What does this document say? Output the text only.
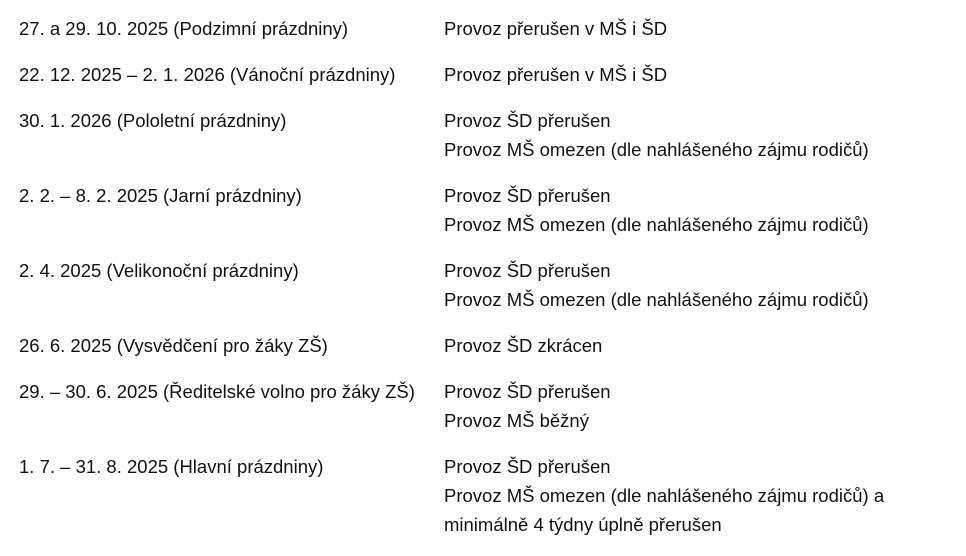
27. a 29. 10. 2025 (Podzimní prázdniny)	Provoz přerušen v MŠ i ŠD
22. 12. 2025 – 2. 1. 2026 (Vánoční prázdniny)	Provoz přerušen v MŠ i ŠD
30. 1. 2026 (Pololetní prázdniny)	Provoz ŠD přerušen
Provoz MŠ omezen (dle nahlášeného zájmu rodičů)
2. 2. – 8. 2. 2025 (Jarní prázdniny)	Provoz ŠD přerušen
Provoz MŠ omezen (dle nahlášeného zájmu rodičů)
2. 4. 2025 (Velikonoční prázdniny)	Provoz ŠD přerušen
Provoz MŠ omezen (dle nahlášeného zájmu rodičů)
26. 6. 2025 (Vysvědčení pro žáky ZŠ)	Provoz ŠD zkrácen
29. – 30. 6. 2025 (Ředitelské volno pro žáky ZŠ)	Provoz ŠD přerušen
Provoz MŠ běžný
1. 7. – 31. 8. 2025 (Hlavní prázdniny)	Provoz ŠD přerušen
Provoz MŠ omezen (dle nahlášeného zájmu rodičů) a
minimálně 4 týdny úplně přerušen
